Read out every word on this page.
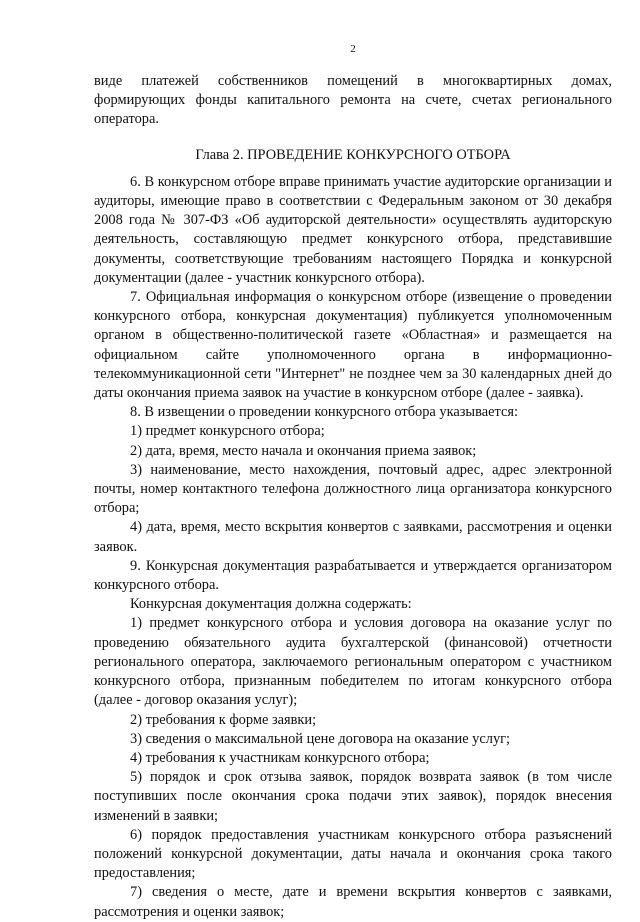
2

виде платежей собственников помещений в многоквартирных домах, формирующих фонды капитального ремонта на счете, счетах регионального оператора.

Глава 2. ПРОВЕДЕНИЕ КОНКУРСНОГО ОТБОРА

6. В конкурсном отборе вправе принимать участие аудиторские организации и аудиторы, имеющие право в соответствии с Федеральным законом от 30 декабря 2008 года № 307-ФЗ «Об аудиторской деятельности» осуществлять аудиторскую деятельность, составляющую предмет конкурсного отбора, представившие документы, соответствующие требованиям настоящего Порядка и конкурсной документации (далее - участник конкурсного отбора).

7. Официальная информация о конкурсном отборе (извещение о проведении конкурсного отбора, конкурсная документация) публикуется уполномоченным органом в общественно-политической газете «Областная» и размещается на официальном сайте уполномоченного органа в информационно-телекоммуникационной сети "Интернет" не позднее чем за 30 календарных дней до даты окончания приема заявок на участие в конкурсном отборе (далее - заявка).

8. В извещении о проведении конкурсного отбора указывается:

1) предмет конкурсного отбора;

2) дата, время, место начала и окончания приема заявок;

3) наименование, место нахождения, почтовый адрес, адрес электронной почты, номер контактного телефона должностного лица организатора конкурсного отбора;

4) дата, время, место вскрытия конвертов с заявками, рассмотрения и оценки заявок.

9. Конкурсная документация разрабатывается и утверждается организатором конкурсного отбора.

Конкурсная документация должна содержать:

1) предмет конкурсного отбора и условия договора на оказание услуг по проведению обязательного аудита бухгалтерской (финансовой) отчетности регионального оператора, заключаемого региональным оператором с участником конкурсного отбора, признанным победителем по итогам конкурсного отбора (далее - договор оказания услуг);

2) требования к форме заявки;

3) сведения о максимальной цене договора на оказание услуг;

4) требования к участникам конкурсного отбора;

5) порядок и срок отзыва заявок, порядок возврата заявок (в том числе поступивших после окончания срока подачи этих заявок), порядок внесения изменений в заявки;

6) порядок предоставления участникам конкурсного отбора разъяснений положений конкурсной документации, даты начала и окончания срока такого предоставления;

7) сведения о месте, дате и времени вскрытия конвертов с заявками, рассмотрения и оценки заявок;
